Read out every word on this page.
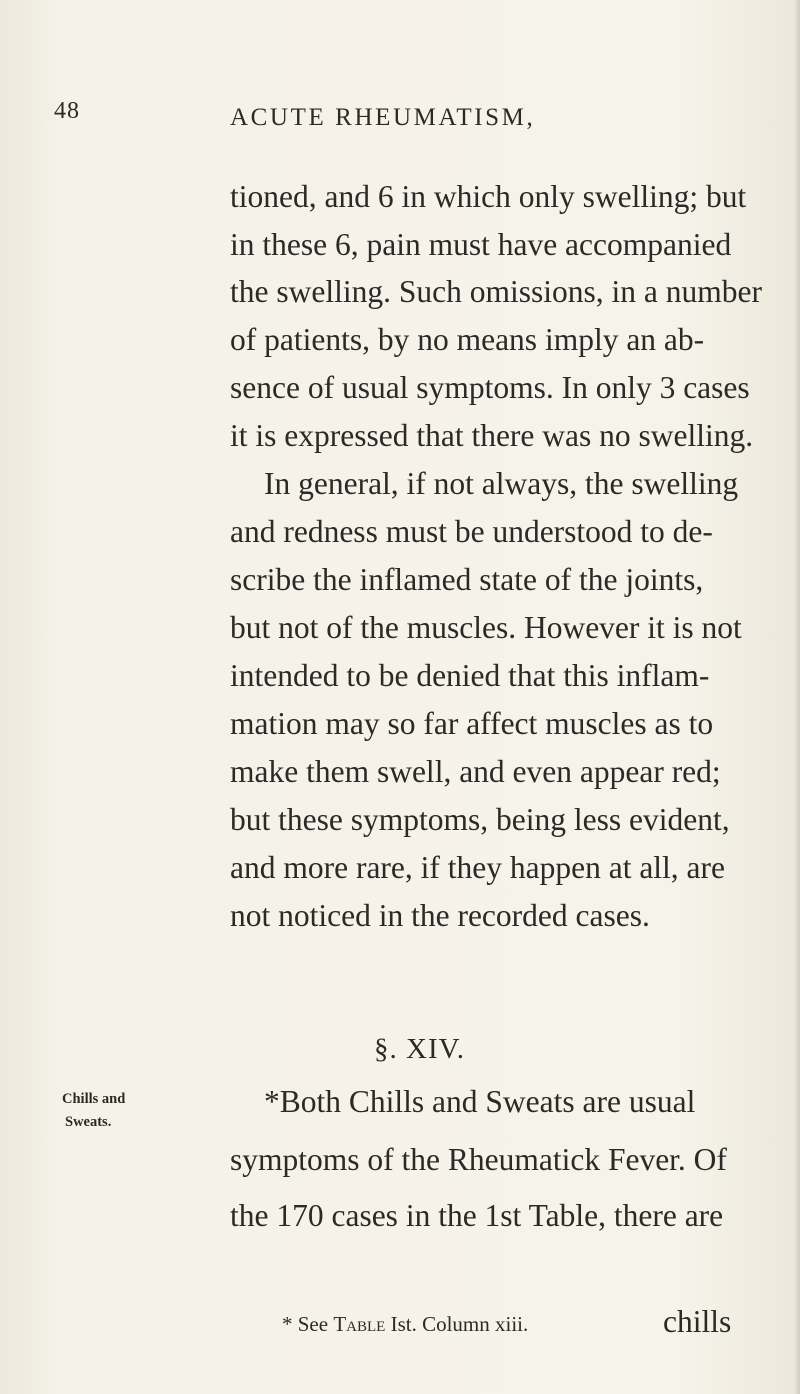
48	ACUTE RHEUMATISM,
tioned, and 6 in which only swelling; but
in these 6, pain must have accompanied
the swelling. Such omissions, in a number
of patients, by no means imply an ab-
sence of usual symptoms. In only 3 cases
it is expressed that there was no swelling.
In general, if not always, the swelling
and redness must be understood to de-
scribe the inflamed state of the joints,
but not of the muscles. However it is not
intended to be denied that this inflam-
mation may so far affect muscles as to
make them swell, and even appear red;
but these symptoms, being less evident,
and more rare, if they happen at all, are
not noticed in the recorded cases.
§. XIV.
Chills and
Sweats.
*Both Chills and Sweats are usual
symptoms of the Rheumatick Fever. Of
the 170 cases in the 1st Table, there are
* See Table Ist. Column xiii.	chills
